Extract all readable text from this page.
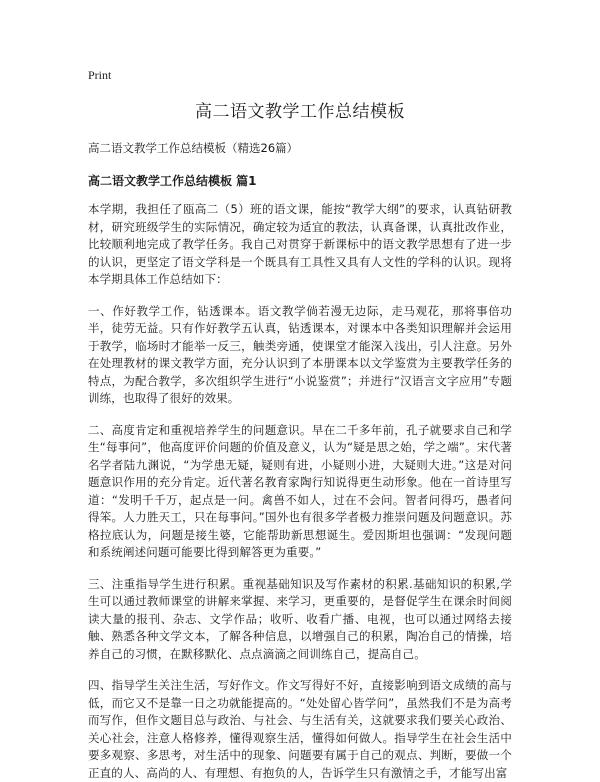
Print
高二语文教学工作总结模板

高二语文教学工作总结模板（精选26篇）

高二语文教学工作总结模板 篇1

本学期，我担任了瓯高二（5）班的语文课，能按“教学大纲”的要求，认真钻研教材，研究班级学生的实际情况，确定较为适宜的教法，认真备课，认真批改作业，比较顺利地完成了教学任务。我自己对贯穿于新课标中的语文教学思想有了进一步的认识，更坚定了语文学科是一个既具有工具性又具有人文性的学科的认识。现将本学期具体工作总结如下：

一、作好教学工作，钻透课本。语文教学倘若漫无边际，走马观花，那将事倍功半，徒劳无益。只有作好教学五认真，钻透课本，对课本中各类知识理解并会运用于教学，临场时才能举一反三，触类旁通，使课堂才能深入浅出，引人注意。另外在处理教材的课文教学方面，充分认识到了本册课本以文学鉴赏为主要教学任务的特点，为配合教学，多次组织学生进行“小说鉴赏”；并进行“汉语言文字应用”专题训练，也取得了很好的效果。

二、高度肯定和重视培养学生的问题意识。早在二千多年前，孔子就要求自己和学生“每事问”，他高度评价问题的价值及意义，认为“疑是思之始，学之端”。宋代著名学者陆九渊说，“为学患无疑，疑则有进，小疑则小进，大疑则大进。”这是对问题意识作用的充分肯定。近代著名教育家陶行知说得更生动形象。他在一首诗里写道：“发明千千万，起点是一问。禽兽不如人，过在不会问。智者问得巧，愚者问得笨。人力胜天工，只在每事问。”国外也有很多学者极力推崇问题及问题意识。苏格拉底认为，问题是接生婆，它能帮助新思想诞生。爱因斯坦也强调：“发现问题和系统阐述问题可能要比得到解答更为重要。”

三、注重指导学生进行积累。重视基础知识及写作素材的积累.基础知识的积累,学生可以通过教师课堂的讲解来掌握、来学习，更重要的，是督促学生在课余时间阅读大量的报刊、杂志、文学作品；收听、收看广播、电视，也可以通过网络去接触、熟悉各种文学文本，了解各种信息，以增强自己的积累，陶冶自己的情操，培养自己的习惯，在默移默化、点点滴滴之间训练自己，提高自己。

四、指导学生关注生活，写好作文。作文写得好不好，直接影响到语文成绩的高与低，而它又不是靠一日之功就能提高的。“处处留心皆学问”，虽然我们不是为高考而写作，但作文题目总与政治、与社会、与生活有关，这就要求我们要关心政治、关心社会，注意人格修养，懂得观察生活，懂得如何做人。指导学生在社会生活中要多观察、多思考，对生活中的现象、问题要有属于自己的观点、判断，要做一个正直的人、高尚的人、有理想、有抱负的人，告诉学生只有激情之手，才能写出富
